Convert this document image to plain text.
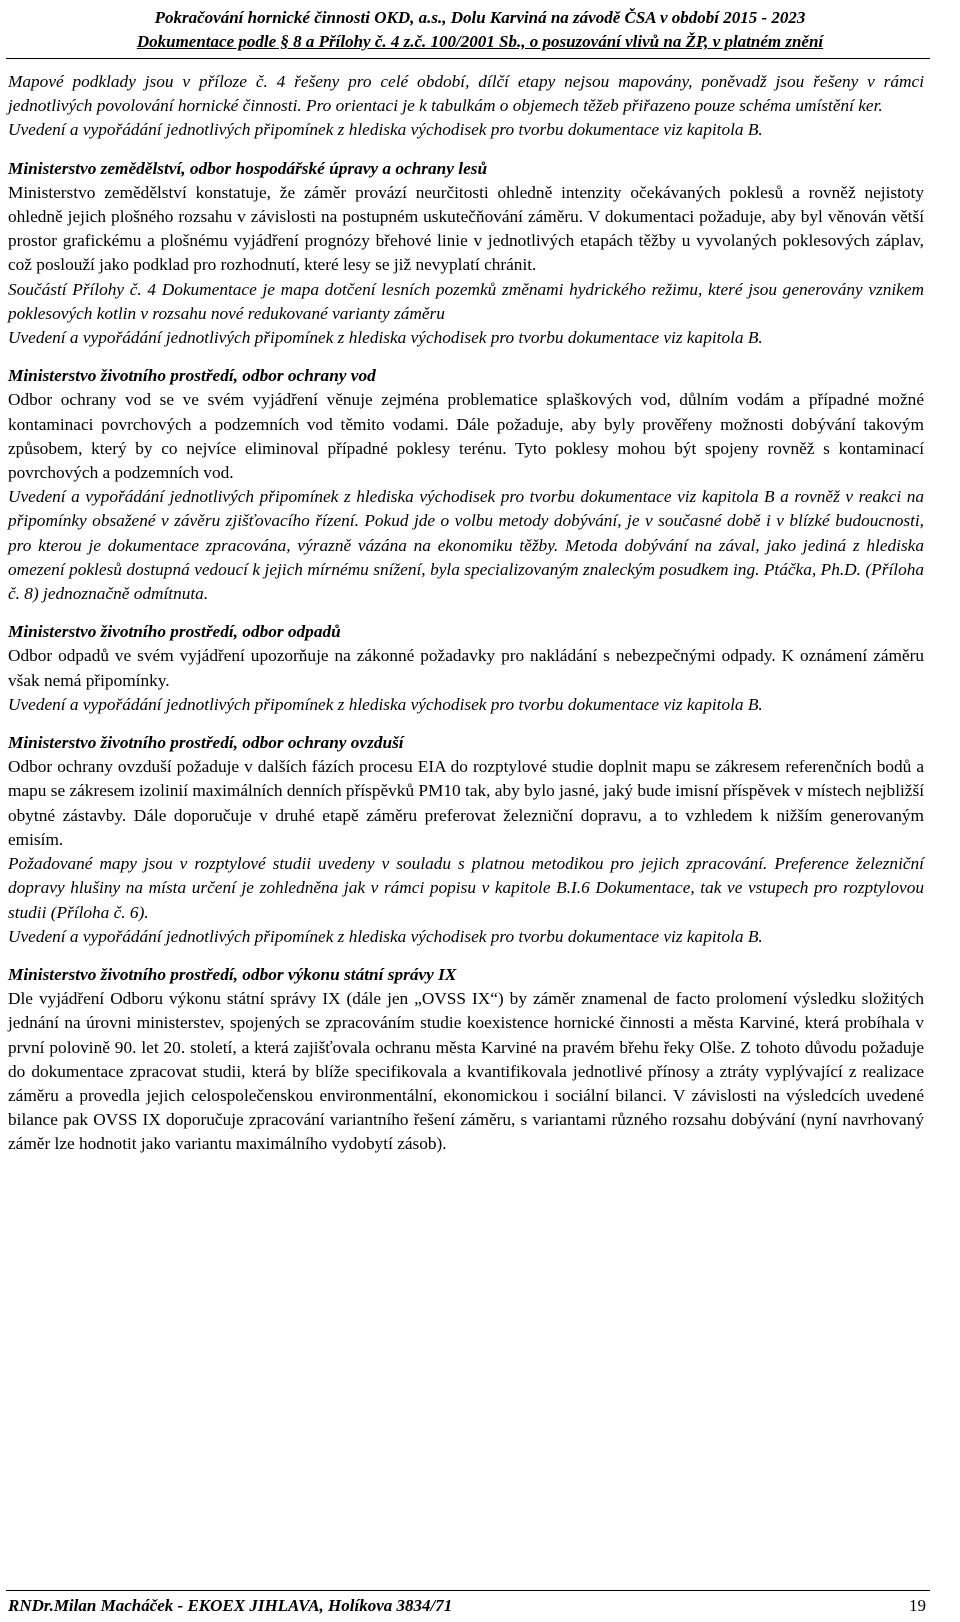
Pokračování hornické činnosti OKD, a.s., Dolu Karviná na závodě ČSA v období 2015 - 2023
Dokumentace podle § 8 a Přílohy č. 4 z.č. 100/2001 Sb., o posuzování vlivů na ŽP, v platném znění

Mapové podklady jsou v příloze č. 4 řešeny pro celé období, dílčí etapy nejsou mapovány, poněvadž jsou řešeny v rámci jednotlivých povolování hornické činnosti. Pro orientaci je k tabulkám o objemech těžeb přiřazeno pouze schéma umístění ker.

Uvedení a vypořádání jednotlivých připomínek z hlediska východisek pro tvorbu dokumentace viz kapitola B.

Ministerstvo zemědělství, odbor hospodářské úpravy a ochrany lesů

Ministerstvo zemědělství konstatuje, že záměr provází neurčitosti ohledně intenzity očekávaných poklesů a rovněž nejistoty ohledně jejich plošného rozsahu v závislosti na postupném uskutečňování záměru. V dokumentaci požaduje, aby byl věnován větší prostor grafickému a plošnému vyjádření prognózy břehové linie v jednotlivých etapách těžby u vyvolaných poklesových záplav, což poslouží jako podklad pro rozhodnutí, které lesy se již nevyplatí chránit.

Součástí Přílohy č. 4 Dokumentace je mapa dotčení lesních pozemků změnami hydrického režimu, které jsou generovány vznikem poklesových kotlin v rozsahu nové redukované varianty záměru

Uvedení a vypořádání jednotlivých připomínek z hlediska východisek pro tvorbu dokumentace viz kapitola B.

Ministerstvo životního prostředí, odbor ochrany vod

Odbor ochrany vod se ve svém vyjádření věnuje zejména problematice splaškových vod, důlním vodám a případné možné kontaminaci povrchových a podzemních vod těmito vodami. Dále požaduje, aby byly prověřeny možnosti dobývání takovým způsobem, který by co nejvíce eliminoval případné poklesy terénu. Tyto poklesy mohou být spojeny rovněž s kontaminací povrchových a podzemních vod.

Uvedení a vypořádání jednotlivých připomínek z hlediska východisek pro tvorbu dokumentace viz kapitola B a rovněž v reakci na připomínky obsažené v závěru zjišťovacího řízení. Pokud jde o volbu metody dobývání, je v současné době i v blízké budoucnosti, pro kterou je dokumentace zpracována, výrazně vázána na ekonomiku těžby. Metoda dobývání na zával, jako jediná z hlediska omezení poklesů dostupná vedoucí k jejich mírnému snížení, byla specializovaným znaleckým posudkem ing. Ptáčka, Ph.D. (Příloha č. 8) jednoznačně odmítnuta.

Ministerstvo životního prostředí, odbor odpadů

Odbor odpadů ve svém vyjádření upozorňuje na zákonné požadavky pro nakládání s nebezpečnými odpady. K oznámení záměru však nemá připomínky.

Uvedení a vypořádání jednotlivých připomínek z hlediska východisek pro tvorbu dokumentace viz kapitola B.

Ministerstvo životního prostředí, odbor ochrany ovzduší

Odbor ochrany ovzduší požaduje v dalších fázích procesu EIA do rozptylové studie doplnit mapu se zákresem referenčních bodů a mapu se zákresem izolinií maximálních denních příspěvků PM10 tak, aby bylo jasné, jaký bude imisní příspěvek v místech nejbližší obytné zástavby. Dále doporučuje v druhé etapě záměru preferovat železniční dopravu, a to vzhledem k nižším generovaným emisím.

Požadované mapy jsou v rozptylové studii uvedeny v souladu s platnou metodikou pro jejich zpracování. Preference železniční dopravy hlušiny na místa určení je zohledněna jak v rámci popisu v kapitole B.I.6 Dokumentace, tak ve vstupech pro rozptylovou studii (Příloha č. 6).

Uvedení a vypořádání jednotlivých připomínek z hlediska východisek pro tvorbu dokumentace viz kapitola B.

Ministerstvo životního prostředí, odbor výkonu státní správy IX

Dle vyjádření Odboru výkonu státní správy IX (dále jen „OVSS IX“) by záměr znamenal de facto prolomení výsledku složitých jednání na úrovni ministerstev, spojených se zpracováním studie koexistence hornické činnosti a města Karviné, která probíhala v první polovině 90. let 20. století, a která zajišťovala ochranu města Karviné na pravém břehu řeky Olše. Z tohoto důvodu požaduje do dokumentace zpracovat studii, která by blíže specifikovala a kvantifikovala jednotlivé přínosy a ztráty vyplývající z realizace záměru a provedla jejich celospolečenskou environmentální, ekonomickou i sociální bilanci. V závislosti na výsledcích uvedené bilance pak OVSS IX doporučuje zpracování variantního řešení záměru, s variantami různého rozsahu dobývání (nyní navrhovaný záměr lze hodnotit jako variantu maximálního vydobytí zásob).

RNDr.Milan Macháček - EKOEX JIHLAVA, Holíkova 3834/71	19
